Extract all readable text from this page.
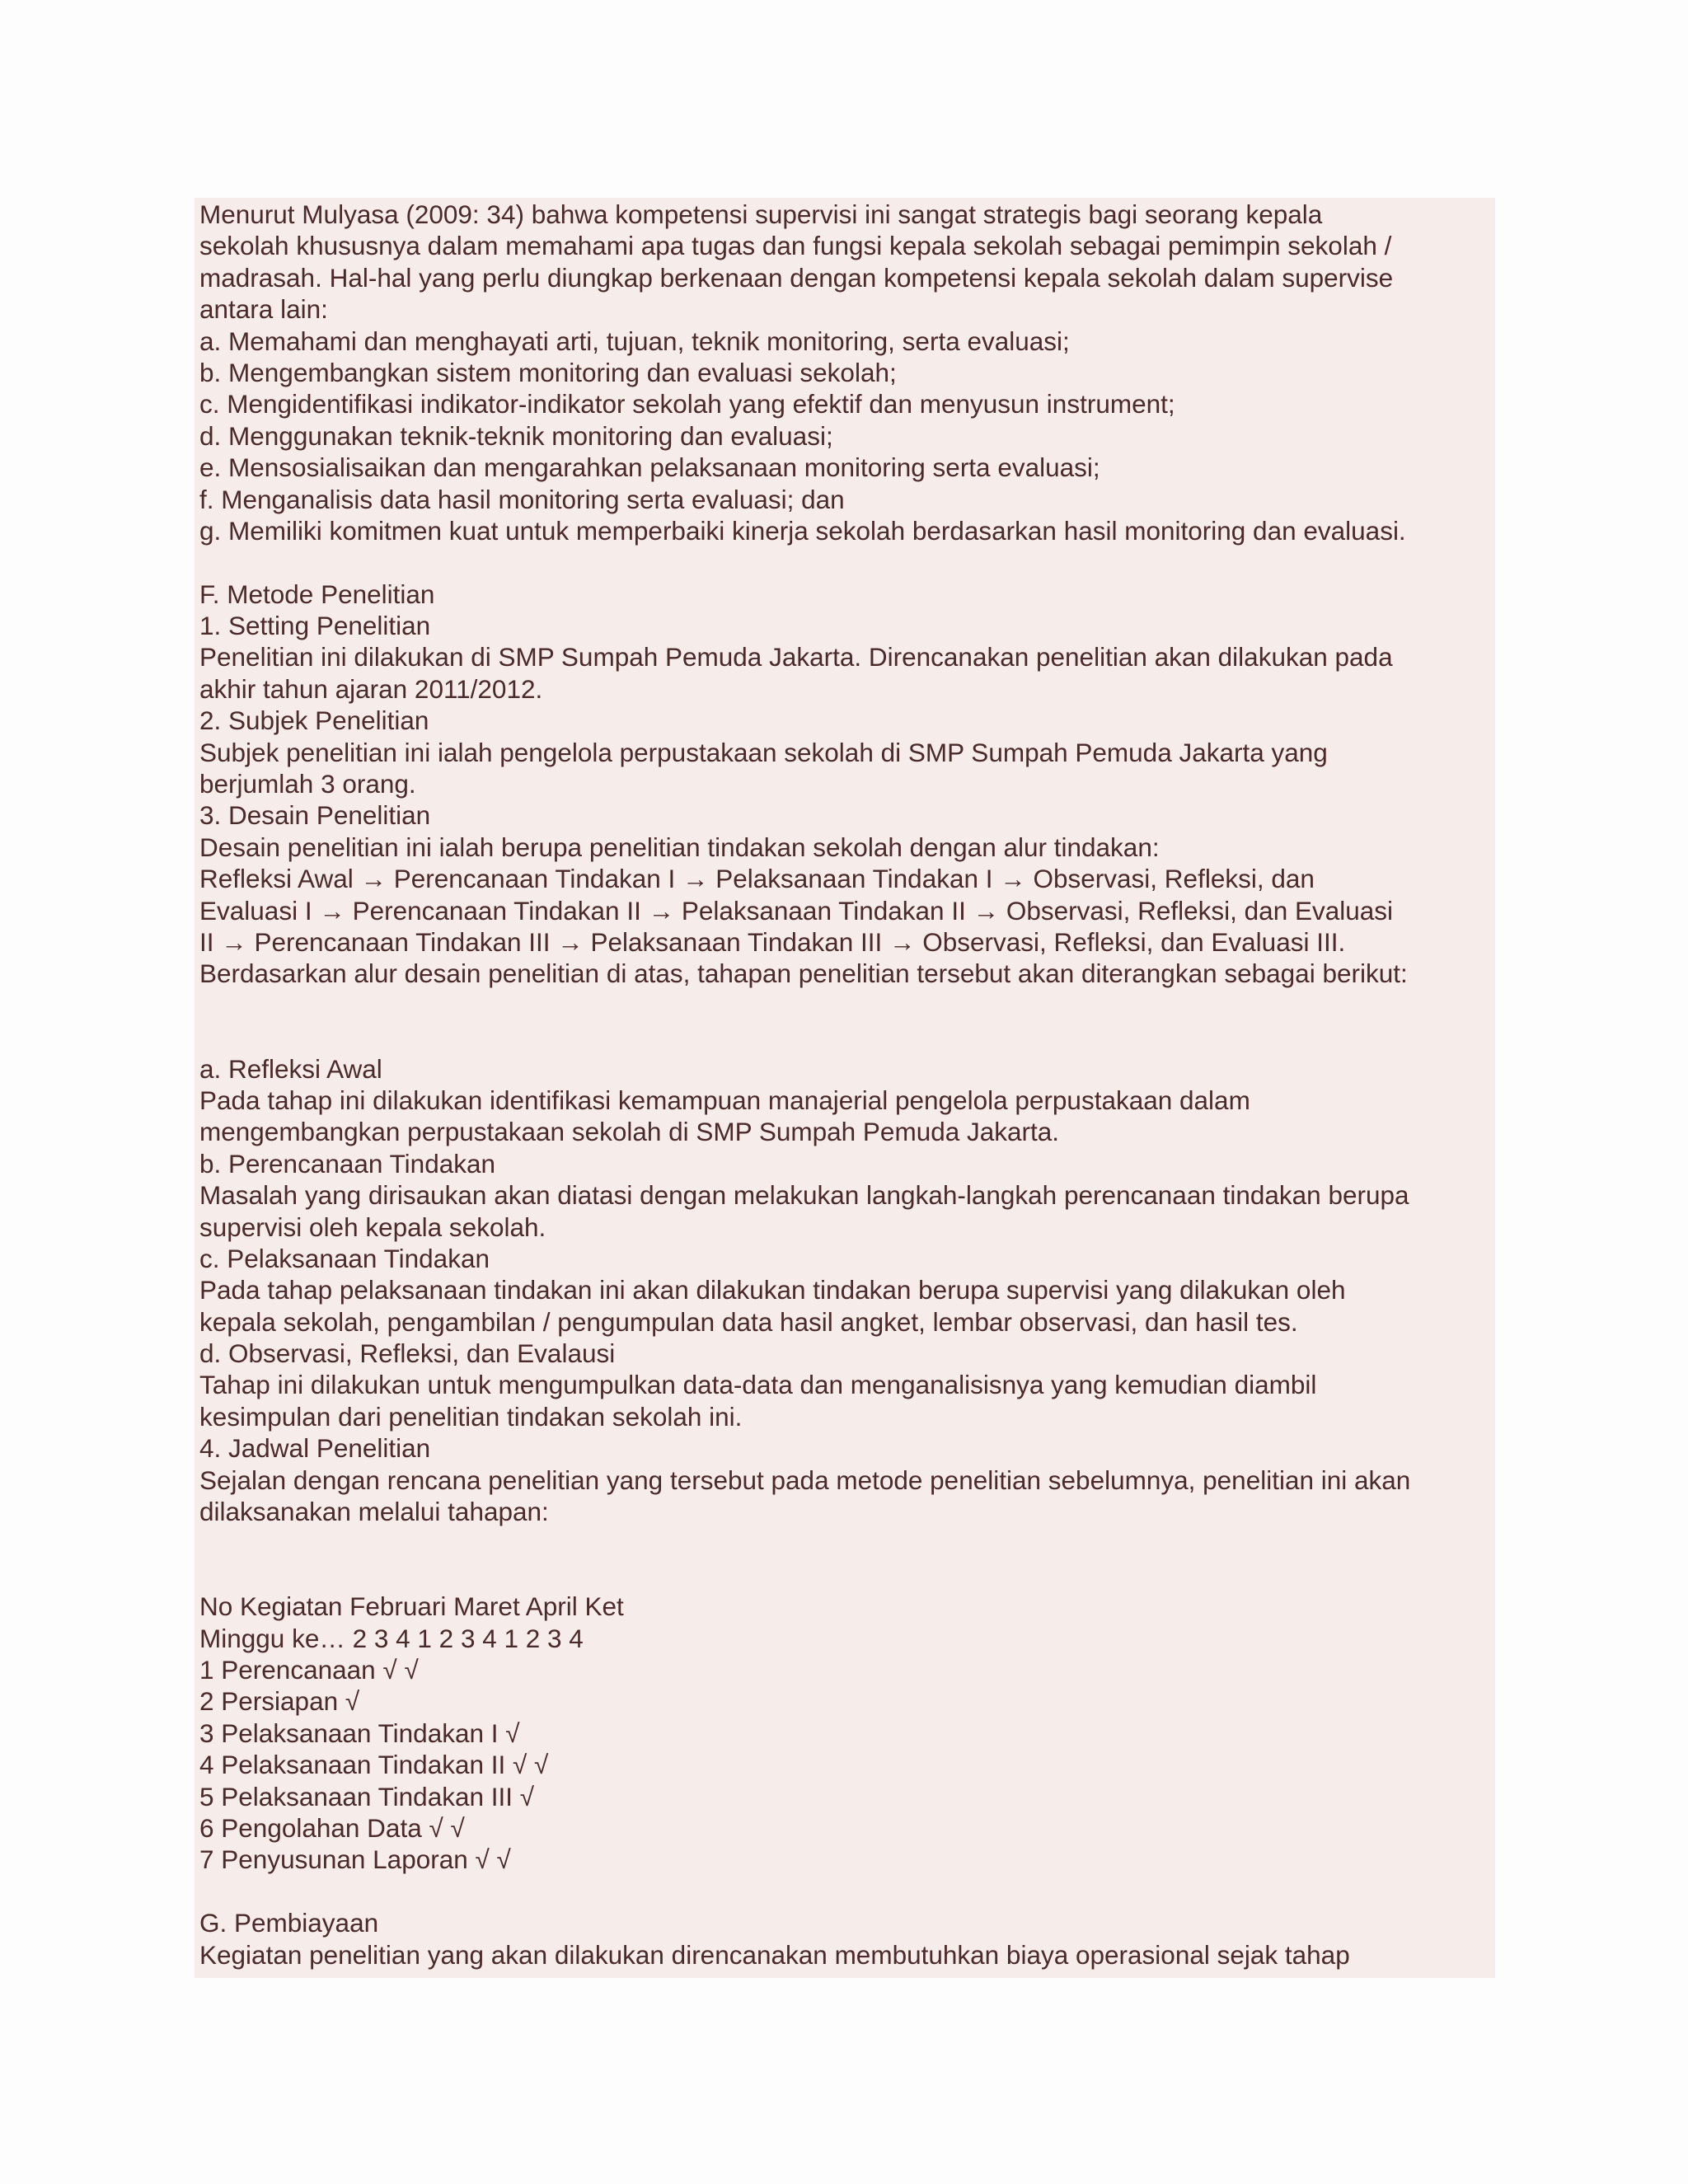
Menurut Mulyasa (2009: 34) bahwa kompetensi supervisi ini sangat strategis bagi seorang kepala
sekolah khususnya dalam memahami apa tugas dan fungsi kepala sekolah sebagai pemimpin sekolah /
madrasah. Hal-hal yang perlu diungkap berkenaan dengan kompetensi kepala sekolah dalam supervise
antara lain:
a. Memahami dan menghayati arti, tujuan, teknik monitoring, serta evaluasi;
b. Mengembangkan sistem monitoring dan evaluasi sekolah;
c. Mengidentifikasi indikator-indikator sekolah yang efektif dan menyusun instrument;
d. Menggunakan teknik-teknik monitoring dan evaluasi;
e. Mensosialisaikan dan mengarahkan pelaksanaan monitoring serta evaluasi;
f. Menganalisis data hasil monitoring serta evaluasi; dan
g. Memiliki komitmen kuat untuk memperbaiki kinerja sekolah berdasarkan hasil monitoring dan evaluasi.
F. Metode Penelitian
1. Setting Penelitian
Penelitian ini dilakukan di SMP Sumpah Pemuda Jakarta. Direncanakan penelitian akan dilakukan pada
akhir tahun ajaran 2011/2012.
2. Subjek Penelitian
Subjek penelitian ini ialah pengelola perpustakaan sekolah di SMP Sumpah Pemuda Jakarta yang
berjumlah 3 orang.
3. Desain Penelitian
Desain penelitian ini ialah berupa penelitian tindakan sekolah dengan alur tindakan:
Refleksi Awal → Perencanaan Tindakan I → Pelaksanaan Tindakan I → Observasi, Refleksi, dan
Evaluasi I → Perencanaan Tindakan II → Pelaksanaan Tindakan II → Observasi, Refleksi, dan Evaluasi
II → Perencanaan Tindakan III → Pelaksanaan Tindakan III → Observasi, Refleksi, dan Evaluasi III.
Berdasarkan alur desain penelitian di atas, tahapan penelitian tersebut akan diterangkan sebagai berikut:
a. Refleksi Awal
Pada tahap ini dilakukan identifikasi kemampuan manajerial pengelola perpustakaan dalam
mengembangkan perpustakaan sekolah di SMP Sumpah Pemuda Jakarta.
b. Perencanaan Tindakan
Masalah yang dirisaukan akan diatasi dengan melakukan langkah-langkah perencanaan tindakan berupa
supervisi oleh kepala sekolah.
c. Pelaksanaan Tindakan
Pada tahap pelaksanaan tindakan ini akan dilakukan tindakan berupa supervisi yang dilakukan oleh
kepala sekolah, pengambilan / pengumpulan data hasil angket, lembar observasi, dan hasil tes.
d. Observasi, Refleksi, dan Evalausi
Tahap ini dilakukan untuk mengumpulkan data-data dan menganalisisnya yang kemudian diambil
kesimpulan dari penelitian tindakan sekolah ini.
4. Jadwal Penelitian
Sejalan dengan rencana penelitian yang tersebut pada metode penelitian sebelumnya, penelitian ini akan
dilaksanakan melalui tahapan:
No Kegiatan Februari Maret April Ket
Minggu ke… 2 3 4 1 2 3 4 1 2 3 4
1 Perencanaan √ √
2 Persiapan √
3 Pelaksanaan Tindakan I √
4 Pelaksanaan Tindakan II √ √
5 Pelaksanaan Tindakan III √
6 Pengolahan Data √ √
7 Penyusunan Laporan √ √
G. Pembiayaan
Kegiatan penelitian yang akan dilakukan direncanakan membutuhkan biaya operasional sejak tahap
